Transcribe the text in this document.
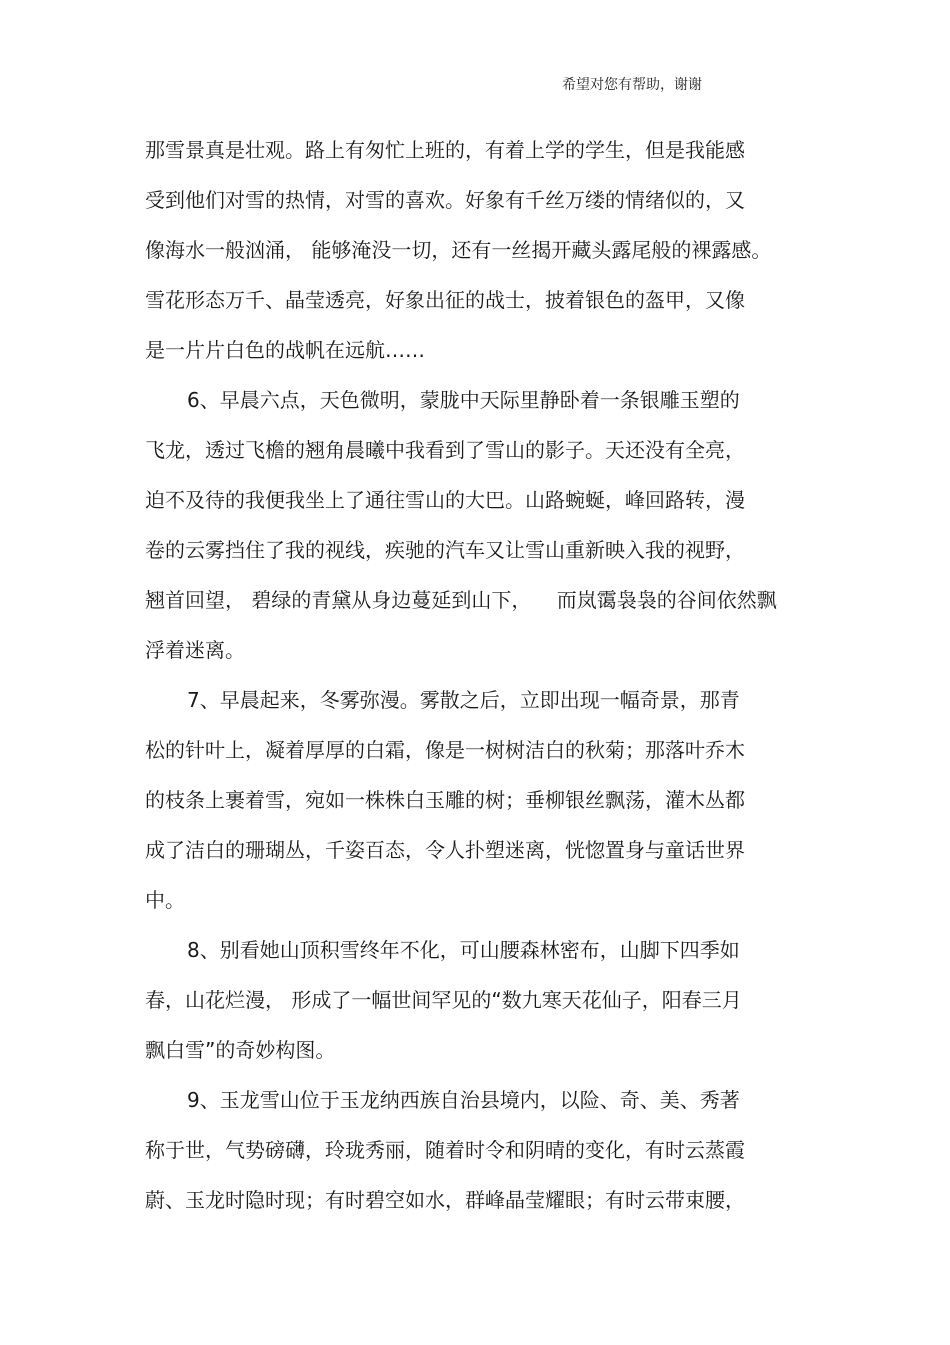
希望对您有帮助，谢谢
那雪景真是壮观。路上有匆忙上班的，有着上学的学生，但是我能感
受到他们对雪的热情，对雪的喜欢。好象有千丝万缕的情绪似的，又
像海水一般汹涌， 能够淹没一切，还有一丝揭开藏头露尾般的裸露感。
雪花形态万千、晶莹透亮，好象出征的战士，披着银色的盔甲，又像
是一片片白色的战帆在远航……
6、早晨六点，天色微明，蒙胧中天际里静卧着一条银雕玉塑的
飞龙，透过飞檐的翘角晨曦中我看到了雪山的影子。天还没有全亮，
迫不及待的我便我坐上了通往雪山的大巴。山路蜿蜒，峰回路转，漫
卷的云雾挡住了我的视线，疾驰的汽车又让雪山重新映入我的视野，
翘首回望， 碧绿的青黛从身边蔓延到山下，    而岚霭袅袅的谷间依然飘
浮着迷离。
7、早晨起来，冬雾弥漫。雾散之后，立即出现一幅奇景，那青
松的针叶上，凝着厚厚的白霜，像是一树树洁白的秋菊；那落叶乔木
的枝条上裹着雪，宛如一株株白玉雕的树；垂柳银丝飘荡，灌木丛都
成了洁白的珊瑚丛，千姿百态，令人扑塑迷离，恍惚置身与童话世界
中。
8、别看她山顶积雪终年不化，可山腰森林密布，山脚下四季如
春，山花烂漫， 形成了一幅世间罕见的“数九寒天花仙子，阳春三月
飘白雪”的奇妙构图。
9、玉龙雪山位于玉龙纳西族自治县境内，以险、奇、美、秀著
称于世，气势磅礴，玲珑秀丽，随着时令和阴晴的变化，有时云蒸霞
蔚、玉龙时隐时现；有时碧空如水，群峰晶莹耀眼；有时云带束腰，
